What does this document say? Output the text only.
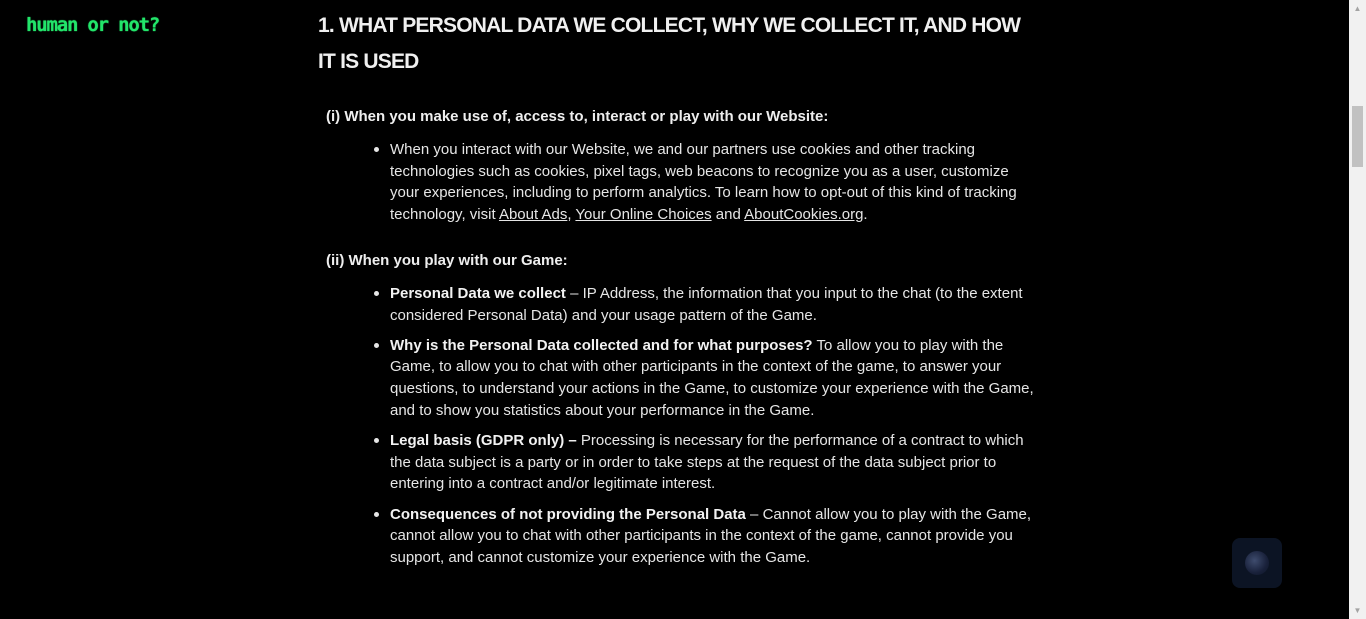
human or not?	1. WHAT PERSONAL DATA WE COLLECT, WHY WE COLLECT IT, AND HOW IT IS USED

(i) When you make use of, access to, interact or play with our Website:

When you interact with our Website, we and our partners use cookies and other tracking technologies such as cookies, pixel tags, web beacons to recognize you as a user, customize your experiences, including to perform analytics. To learn how to opt-out of this kind of tracking technology, visit About Ads, Your Online Choices and AboutCookies.org.

(ii) When you play with our Game:

Personal Data we collect – IP Address, the information that you input to the chat (to the extent considered Personal Data) and your usage pattern of the Game.
Why is the Personal Data collected and for what purposes? To allow you to play with the Game, to allow you to chat with other participants in the context of the game, to answer your questions, to understand your actions in the Game, to customize your experience with the Game, and to show you statistics about your performance in the Game.
Legal basis (GDPR only) – Processing is necessary for the performance of a contract to which the data subject is a party or in order to take steps at the request of the data subject prior to entering into a contract and/or legitimate interest.
Consequences of not providing the Personal Data – Cannot allow you to play with the Game, cannot allow you to chat with other participants in the context of the game, cannot provide you support, and cannot customize your experience with the Game.
▲
▼
